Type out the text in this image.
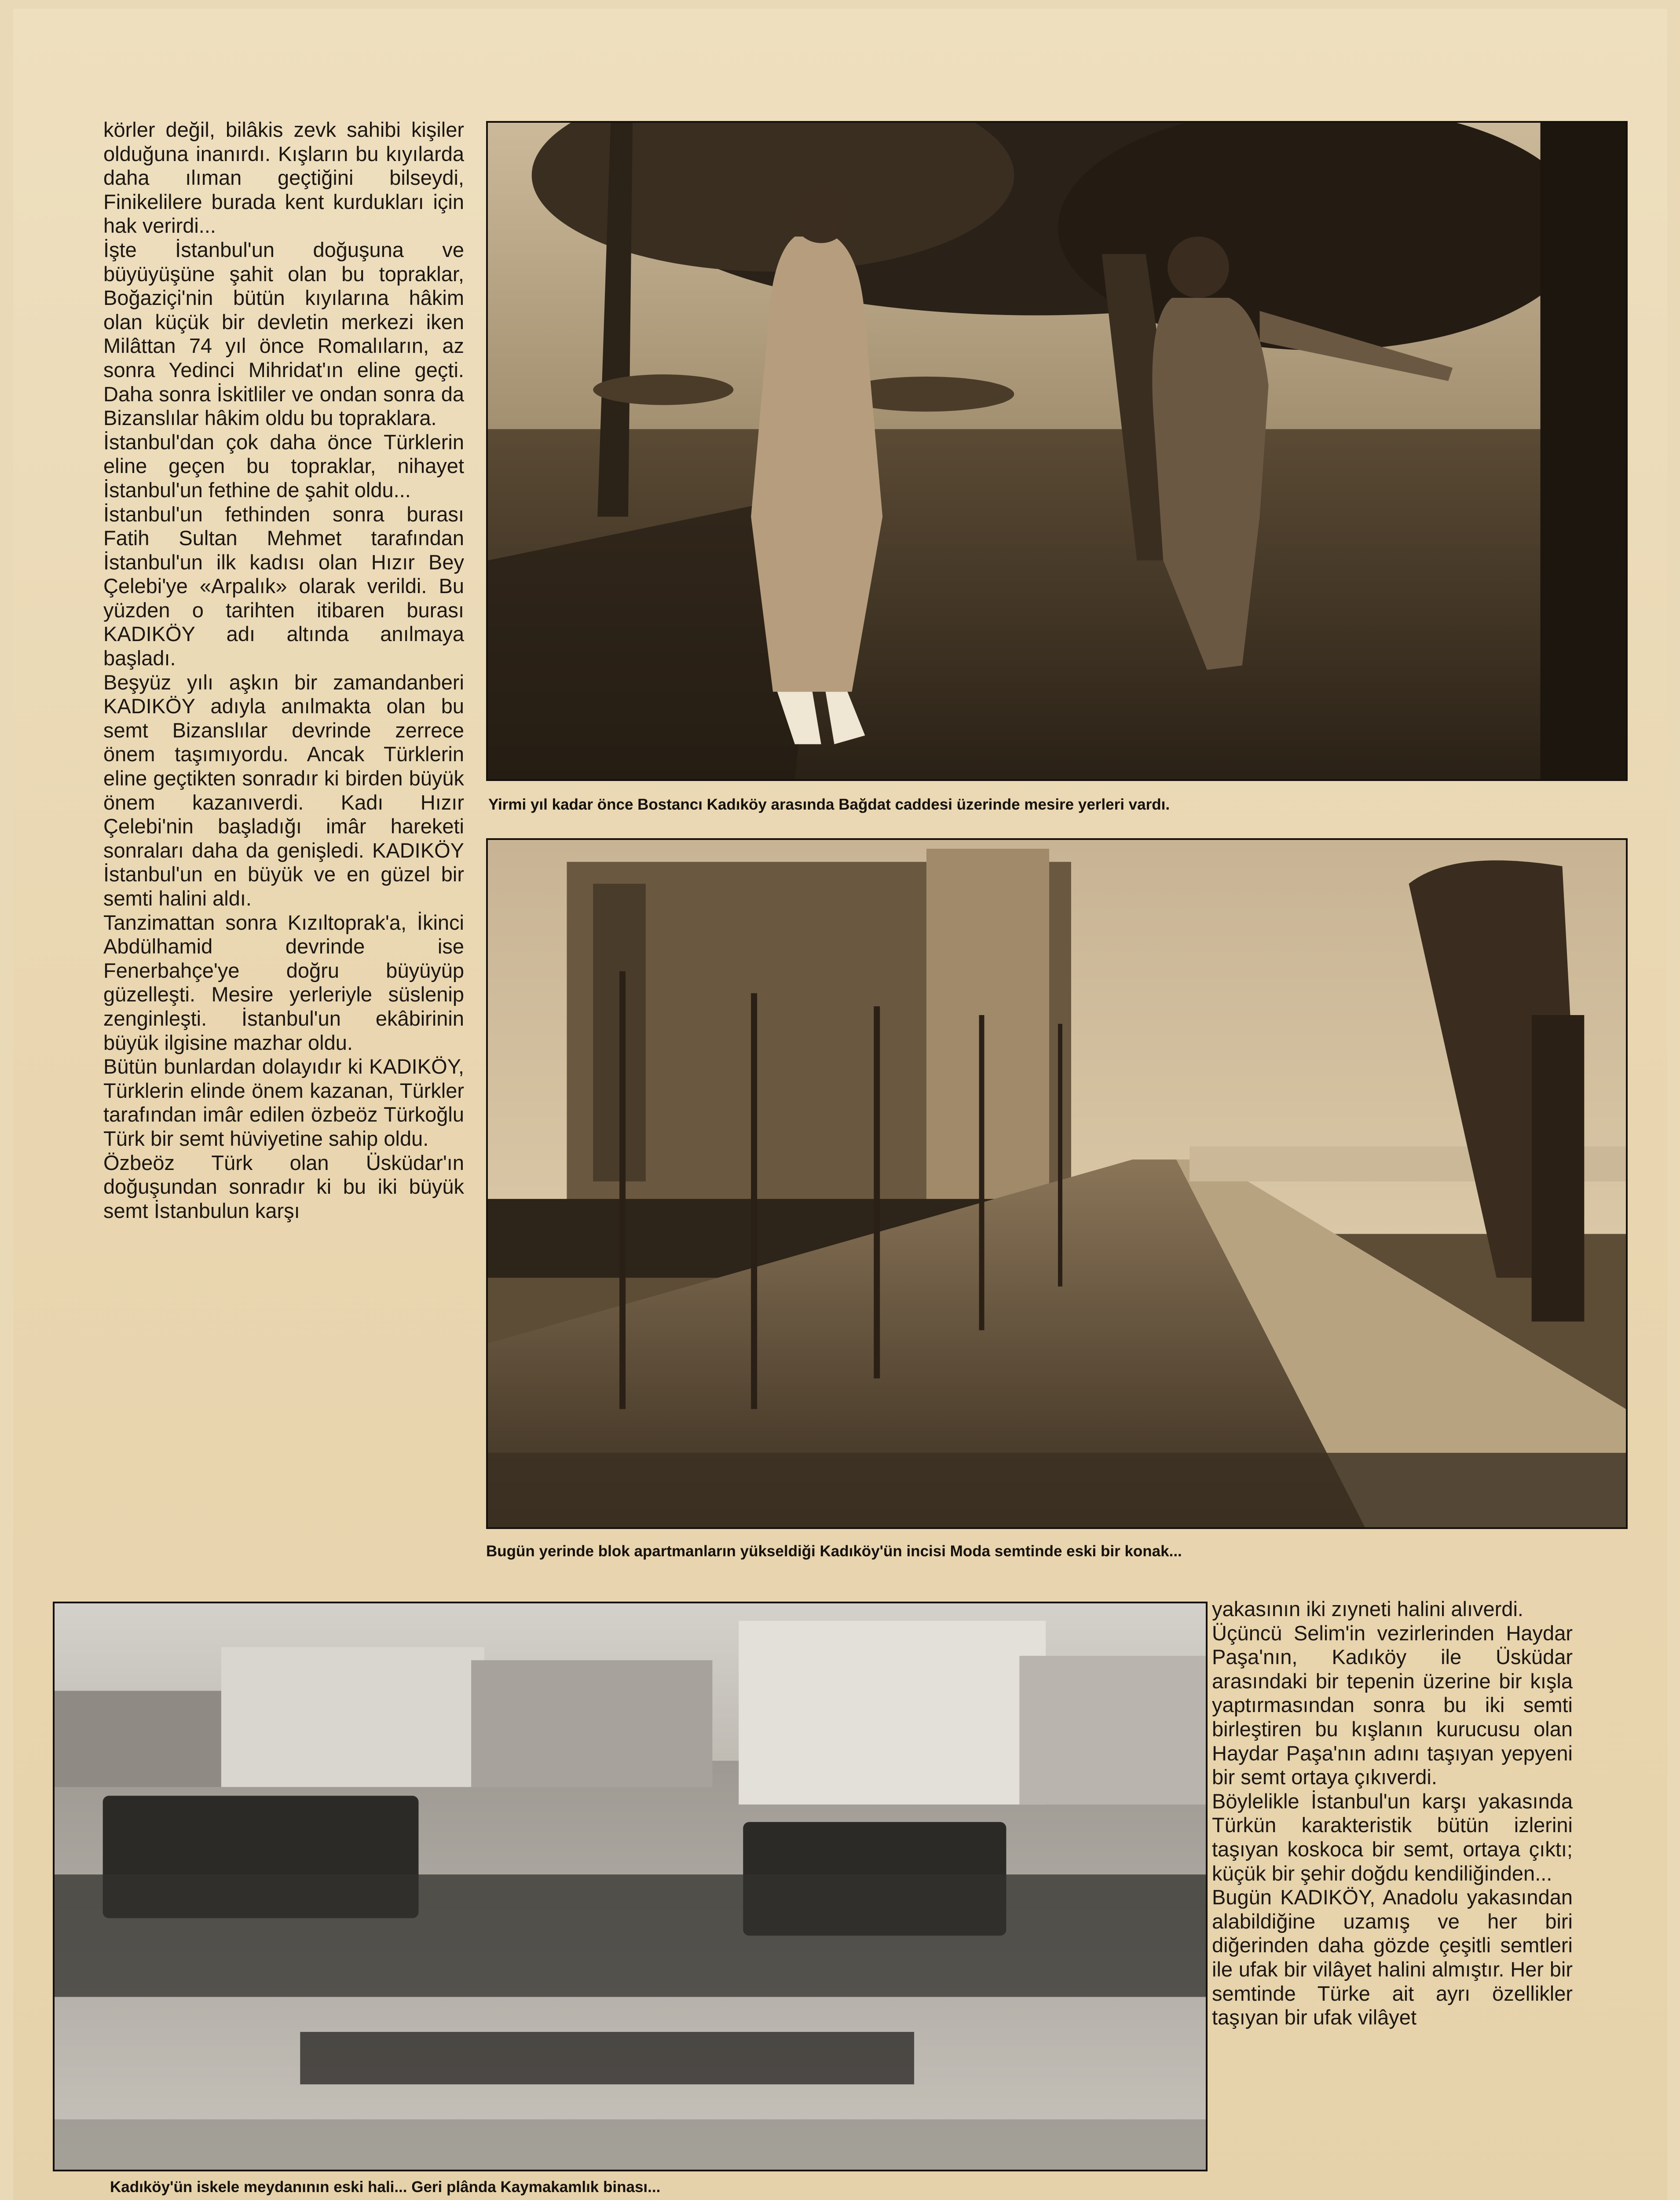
körler değil, bilâkis zevk sahibi kişiler olduğuna inanırdı. Kışların bu kıyılarda daha ılıman geçtiğini bilseydi, Finikelilere burada kent kurdukları için hak verirdi...

İşte İstanbul'un doğuşuna ve büyüyüşüne şahit olan bu topraklar, Boğaziçi'nin bütün kıyılarına hâkim olan küçük bir devletin merkezi iken Milâttan 74 yıl önce Romalıların, az sonra Yedinci Mihridat'ın eline geçti. Daha sonra İskitliler ve ondan sonra da Bizanslılar hâkim oldu bu topraklara.

İstanbul'dan çok daha önce Türklerin eline geçen bu topraklar, nihayet İstanbul'un fethine de şahit oldu...

İstanbul'un fethinden sonra burası Fatih Sultan Mehmet tarafından İstanbul'un ilk kadısı olan Hızır Bey Çelebi'ye «Arpalık» olarak verildi. Bu yüzden o tarihten itibaren burası KADIKÖY adı altında anılmaya başladı.

Beşyüz yılı aşkın bir zamandanberi KADIKÖY adıyla anılmakta olan bu semt Bizanslılar devrinde zerrece önem taşımıyordu. Ancak Türklerin eline geçtikten sonradır ki birden büyük önem kazanıverdi. Kadı Hızır Çelebi'nin başladığı imâr hareketi sonraları daha da genişledi. KADIKÖY İstanbul'un en büyük ve en güzel bir semti halini aldı.

Tanzimattan sonra Kızıltoprak'a, İkinci Abdülhamid devrinde ise Fenerbahçe'ye doğru büyüyüp güzelleşti. Mesire yerleriyle süslenip zenginleşti. İstanbul'un ekâbirinin büyük ilgisine mazhar oldu.

Bütün bunlardan dolayıdır ki KADIKÖY, Türklerin elinde önem kazanan, Türkler tarafından imâr edilen özbeöz Türkoğlu Türk bir semt hüviyetine sahip oldu.

Özbeöz Türk olan Üsküdar'ın doğuşundan sonradır ki bu iki büyük semt İstanbulun karşı

Yirmi yıl kadar önce Bostancı Kadıköy arasında Bağdat caddesi üzerinde mesire yerleri vardı.
Bugün yerinde blok apartmanların yükseldiği Kadıköy'ün incisi Moda semtinde eski bir konak...
Kadıköy'ün iskele meydanının eski hali... Geri plânda Kaymakamlık binası...

yakasının iki zıyneti halini alıverdi.

Üçüncü Selim'in vezirlerinden Haydar Paşa'nın, Kadıköy ile Üsküdar arasındaki bir tepenin üzerine bir kışla yaptırmasından sonra bu iki semti birleştiren bu kışlanın kurucusu olan Haydar Paşa'nın adını taşıyan yepyeni bir semt ortaya çıkıverdi.

Böylelikle İstanbul'un karşı yakasında Türkün karakteristik bütün izlerini taşıyan koskoca bir semt, ortaya çıktı; küçük bir şehir doğdu kendiliğinden...

Bugün KADIKÖY, Anadolu yakasından alabildiğine uzamış ve her biri diğerinden daha gözde çeşitli semtleri ile ufak bir vilâyet halini almıştır. Her bir semtinde Türke ait ayrı özellikler taşıyan bir ufak vilâyet
